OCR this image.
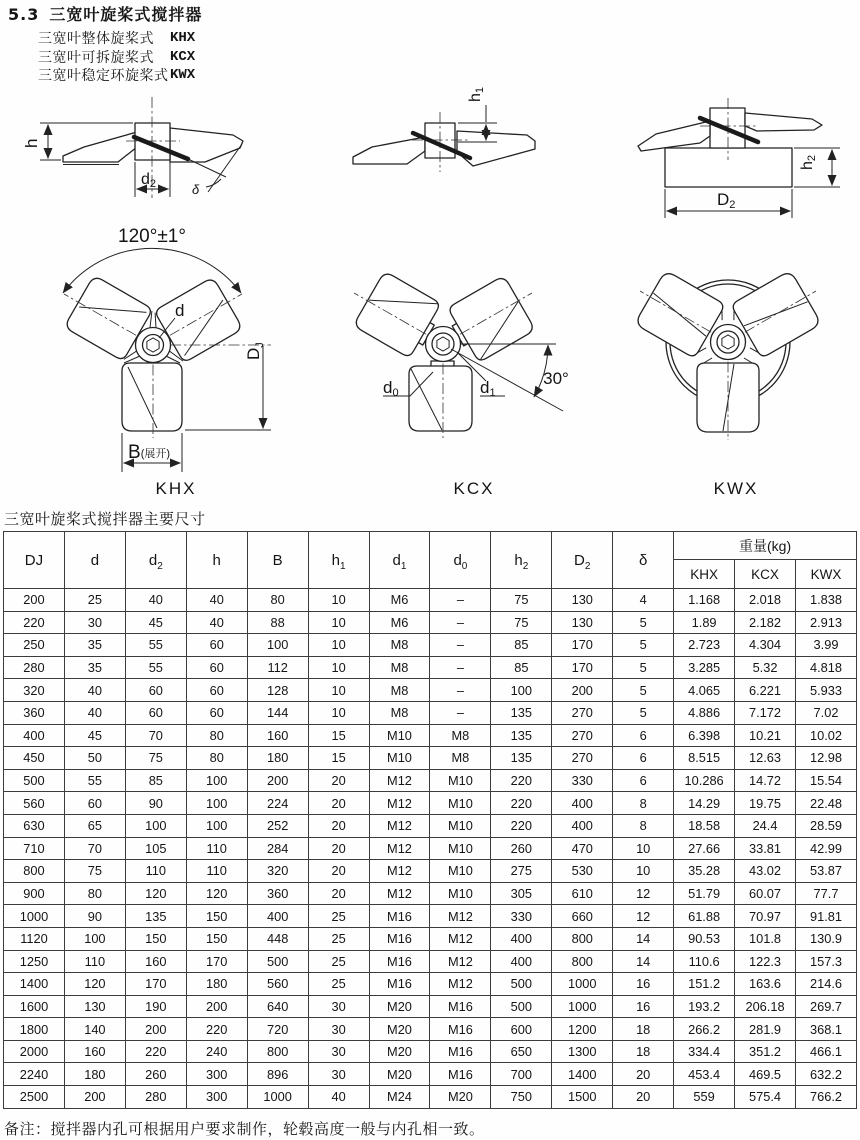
5.3 三宽叶旋桨式搅拌器
三宽叶整体旋桨式	KHX
三宽叶可拆旋桨式	KCX
三宽叶稳定环旋桨式 KWX
δ
h
d2
h1
h2
D2
120°±1°
d
$D_J$
B(展开)
KHX
d0	d1
30°
KCX	KWX
三宽叶旋桨式搅拌器主要尺寸
DJ	d	$d_2$	h	B	$h_1$	$d_1$	$d_0$	$h_2$	$D_2$	δ	重量(kg)		
											KHX	KCX	KWX
200	25	40	40	80	10	M6	–	75	130	4	1.168	2.018	1.838
220	30	45	40	88	10	M6	–	75	130	5	1.89	2.182	2.913
250	35	55	60	100	10	M8	–	85	170	5	2.723	4.304	3.99
280	35	55	60	112	10	M8	–	85	170	5	3.285	5.32	4.818
320	40	60	60	128	10	M8	–	100	200	5	4.065	6.221	5.933
360	40	60	60	144	10	M8	–	135	270	5	4.886	7.172	7.02
400	45	70	80	160	15	M10	M8	135	270	6	6.398	10.21	10.02
450	50	75	80	180	15	M10	M8	135	270	6	8.515	12.63	12.98
500	55	85	100	200	20	M12	M10	220	330	6	10.286	14.72	15.54
560	60	90	100	224	20	M12	M10	220	400	8	14.29	19.75	22.48
630	65	100	100	252	20	M12	M10	220	400	8	18.58	24.4	28.59
710	70	105	110	284	20	M12	M10	260	470	10	27.66	33.81	42.99
800	75	110	110	320	20	M12	M10	275	530	10	35.28	43.02	53.87
900	80	120	120	360	20	M12	M10	305	610	12	51.79	60.07	77.7
1000	90	135	150	400	25	M16	M12	330	660	12	61.88	70.97	91.81
1120	100	150	150	448	25	M16	M12	400	800	14	90.53	101.8	130.9
1250	110	160	170	500	25	M16	M12	400	800	14	110.6	122.3	157.3
1400	120	170	180	560	25	M16	M12	500	1000	16	151.2	163.6	214.6
1600	130	190	200	640	30	M20	M16	500	1000	16	193.2	206.18	269.7
1800	140	200	220	720	30	M20	M16	600	1200	18	266.2	281.9	368.1
2000	160	220	240	800	30	M20	M16	650	1300	18	334.4	351.2	466.1
2240	180	260	300	896	30	M20	M16	700	1400	20	453.4	469.5	632.2
2500	200	280	300	1000	40	M24	M20	750	1500	20	559	575.4	766.2
备注：搅拌器内孔可根据用户要求制作，轮毂高度一般与内孔相一致。
